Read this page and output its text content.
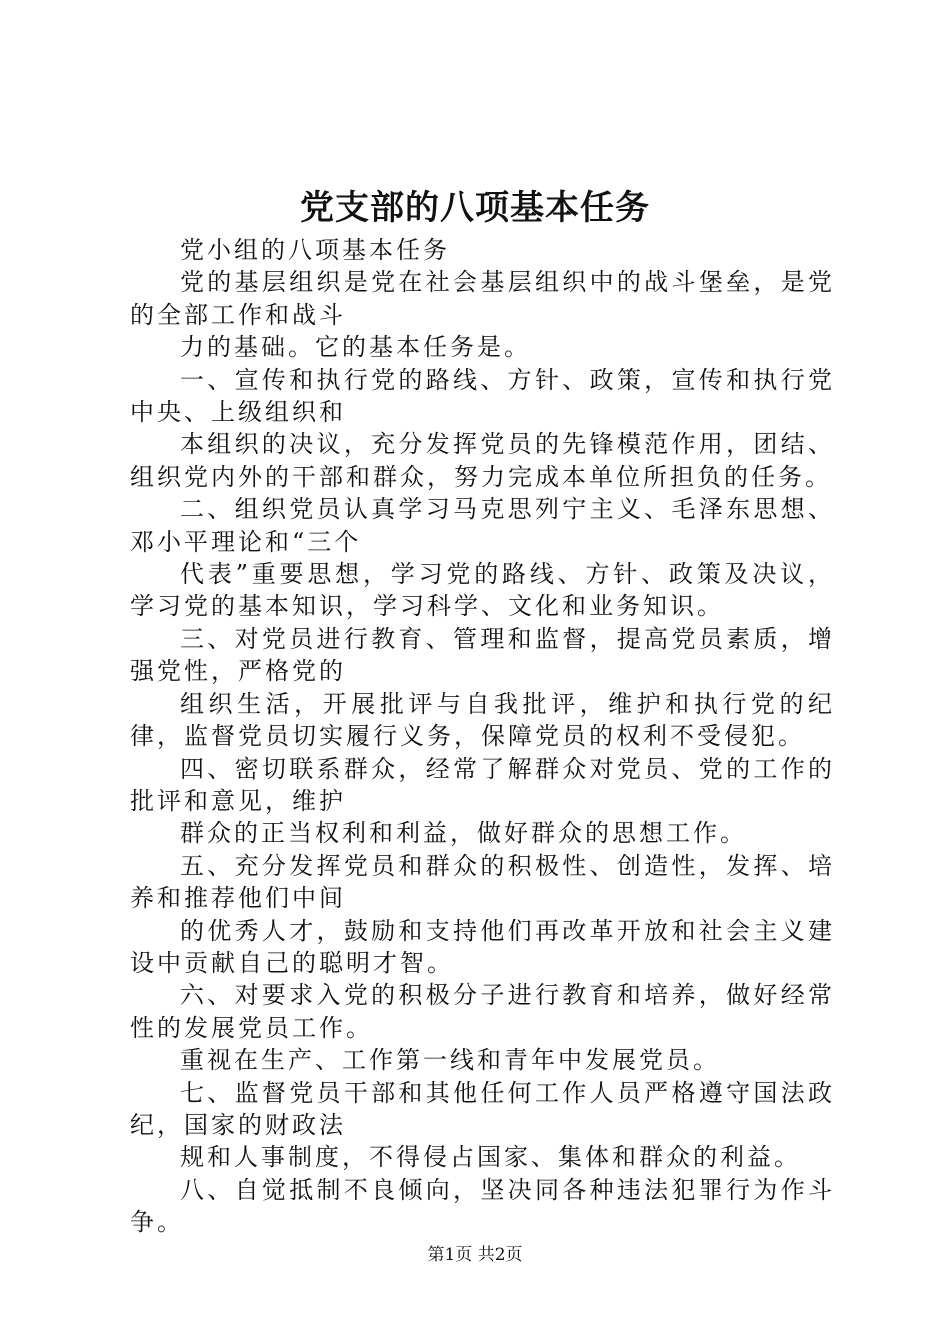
党支部的八项基本任务

党小组的八项基本任务

党的基层组织是党在社会基层组织中的战斗堡垒，是党的全部工作和战斗

力的基础。它的基本任务是。

一、宣传和执行党的路线、方针、政策，宣传和执行党中央、上级组织和

本组织的决议，充分发挥党员的先锋模范作用，团结、组织党内外的干部和群众，努力完成本单位所担负的任务。

二、组织党员认真学习马克思列宁主义、毛泽东思想、邓小平理论和“三个

代表”重要思想，学习党的路线、方针、政策及决议，学习党的基本知识，学习科学、文化和业务知识。

三、对党员进行教育、管理和监督，提高党员素质，增强党性，严格党的

组织生活，开展批评与自我批评，维护和执行党的纪律，监督党员切实履行义务，保障党员的权利不受侵犯。

四、密切联系群众，经常了解群众对党员、党的工作的批评和意见，维护

群众的正当权利和利益，做好群众的思想工作。

五、充分发挥党员和群众的积极性、创造性，发挥、培养和推荐他们中间

的优秀人才，鼓励和支持他们再改革开放和社会主义建设中贡献自己的聪明才智。

六、对要求入党的积极分子进行教育和培养，做好经常性的发展党员工作。

重视在生产、工作第一线和青年中发展党员。

七、监督党员干部和其他任何工作人员严格遵守国法政纪，国家的财政法

规和人事制度，不得侵占国家、集体和群众的利益。

八、自觉抵制不良倾向，坚决同各种违法犯罪行为作斗争。

第1页 共2页
